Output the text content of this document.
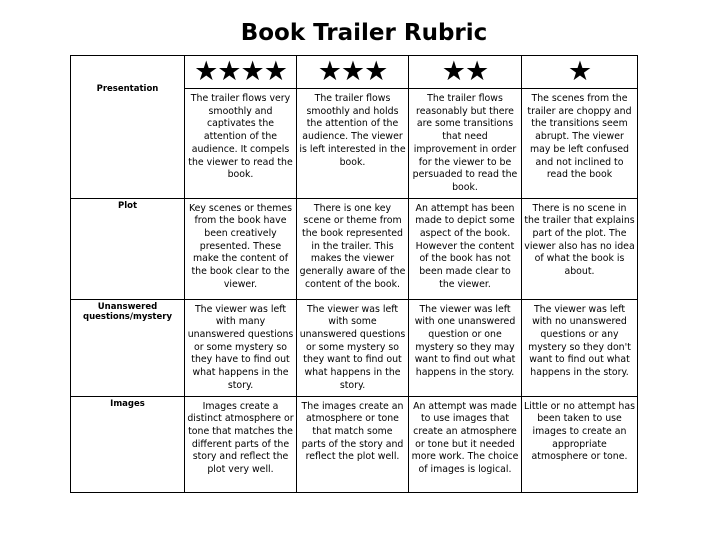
Book Trailer Rubric
Presentation	★★★★	★★★	★★	★
	The trailer flows very smoothly and captivates the attention of the audience. It compels the viewer to read the book.	The trailer flows smoothly and holds the attention of the audience. The viewer is left interested in the book.	The trailer flows reasonably but there are some transitions that need improvement in order for the viewer to be persuaded to read the book.	The scenes from the trailer are choppy and the transitions seem abrupt. The viewer may be left confused and not inclined to read the book

Plot	Key scenes or themes from the book have been creatively presented. These make the content of the book clear to the viewer.	There is one key scene or theme from the book represented in the trailer. This makes the viewer generally aware of the content of the book.	An attempt has been made to depict some aspect of the book. However the content of the book has not been made clear to the viewer.	There is no scene in the trailer that explains part of the plot. The viewer also has no idea of what the book is about.

Unanswered questions/mystery	The viewer was left with many unanswered questions or some mystery so they have to find out what happens in the story.	The viewer was left with some unanswered questions or some mystery so they want to find out what happens in the story.	The viewer was left with one unanswered question or one mystery so they may want to find out what happens in the story.	The viewer was left with no unanswered questions or any mystery so they don't want to find out what happens in the story.

Images	Images create a distinct atmosphere or tone that matches the different parts of the story and reflect the plot very well.	The images create an atmosphere or tone that match some parts of the story and reflect the plot well.	An attempt was made to use images that create an atmosphere or tone but it needed more work. The choice of images is logical.	Little or no attempt has been taken to use images to create an appropriate atmosphere or tone.
